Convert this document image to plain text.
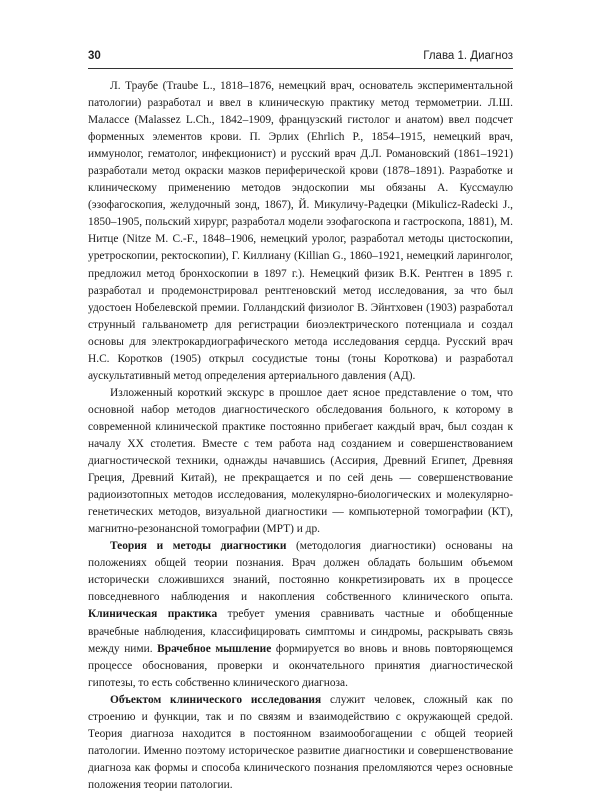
30	Глава 1. Диагноз

Л. Траубе (Traube L., 1818–1876, немецкий врач, основатель экспериментальной патологии) разработал и ввел в клиническую практику метод термометрии. Л.Ш. Малассе (Malassez L.Ch., 1842–1909, французский гистолог и анатом) ввел подсчет форменных элементов крови. П. Эрлих (Ehrlich P., 1854–1915, немецкий врач, иммунолог, гематолог, инфекционист) и русский врач Д.Л. Романовский (1861–1921) разработали метод окраски мазков периферической крови (1878–1891). Разработке и клиническому применению методов эндоскопии мы обязаны А. Куссмаулю (эзофагоскопия, желудочный зонд, 1867), Й. Микуличу-Радецки (Mikulicz-Radecki J., 1850–1905, польский хирург, разработал модели эзофагоскопа и гастроскопа, 1881), М. Нитце (Nitze M. C.-F., 1848–1906, немецкий уролог, разработал методы цистоскопии, уретроскопии, ректоскопии), Г. Киллиану (Killian G., 1860–1921, немецкий ларинголог, предложил метод бронхоскопии в 1897 г.). Немецкий физик В.К. Рентген в 1895 г. разработал и продемонстрировал рентгеновский метод исследования, за что был удостоен Нобелевской премии. Голландский физиолог В. Эйнтховен (1903) разработал струнный гальванометр для регистрации биоэлектрического потенциала и создал основы для электрокардиографического метода исследования сердца. Русский врач Н.С. Коротков (1905) открыл сосудистые тоны (тоны Короткова) и разработал аускультативный метод определения артериального давления (АД).

Изложенный короткий экскурс в прошлое дает ясное представление о том, что основной набор методов диагностического обследования больного, к которому в современной клинической практике постоянно прибегает каждый врач, был создан к началу XX столетия. Вместе с тем работа над созданием и совершенствованием диагностической техники, однажды начавшись (Ассирия, Древний Египет, Древняя Греция, Древний Китай), не прекращается и по сей день — совершенствование радиоизотопных методов исследования, молекулярно-биологических и молекулярно-генетических методов, визуальной диагностики — компьютерной томографии (КТ), магнитно-резонансной томографии (МРТ) и др.

Теория и методы диагностики (методология диагностики) основаны на положениях общей теории познания. Врач должен обладать большим объемом исторически сложившихся знаний, постоянно конкретизировать их в процессе повседневного наблюдения и накопления собственного клинического опыта. Клиническая практика требует умения сравнивать частные и обобщенные врачебные наблюдения, классифицировать симптомы и синдромы, раскрывать связь между ними. Врачебное мышление формируется во вновь и вновь повторяющемся процессе обоснования, проверки и окончательного принятия диагностической гипотезы, то есть собственно клинического диагноза.

Объектом клинического исследования служит человек, сложный как по строению и функции, так и по связям и взаимодействию с окружающей средой. Теория диагноза находится в постоянном взаимообогащении с общей теорией патологии. Именно поэтому историческое развитие диагностики и совершенствование диагноза как формы и способа клинического познания преломляются через основные положения теории патологии.
